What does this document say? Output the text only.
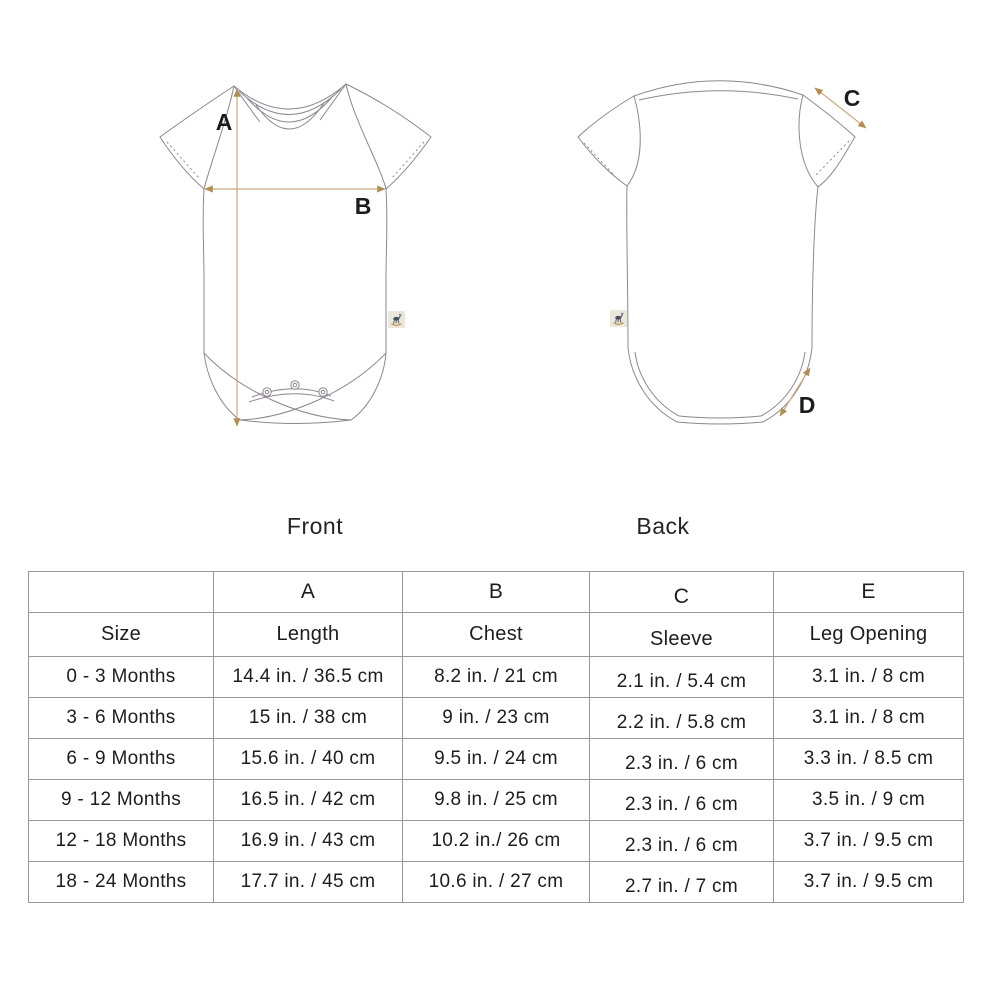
A
B
C
D
Front	Back
	A	B	C	E
Size	Length	Chest	Sleeve	Leg Opening
0 - 3 Months	14.4 in. / 36.5 cm	8.2 in. / 21 cm	2.1 in. / 5.4 cm	3.1 in. / 8 cm
3 - 6 Months	15 in. / 38 cm	9 in. / 23 cm	2.2 in. / 5.8 cm	3.1 in. / 8 cm
6 - 9 Months	15.6 in. / 40 cm	9.5 in. / 24 cm	2.3 in. / 6 cm	3.3 in. / 8.5 cm
9 - 12 Months	16.5 in. / 42 cm	9.8 in. / 25 cm	2.3 in. / 6 cm	3.5 in. / 9 cm
12 - 18 Months	16.9 in. / 43 cm	10.2 in./ 26 cm	2.3 in. / 6 cm	3.7 in. / 9.5 cm
18 - 24 Months	17.7 in. / 45 cm	10.6 in. / 27 cm	2.7 in. / 7 cm	3.7 in. / 9.5 cm
